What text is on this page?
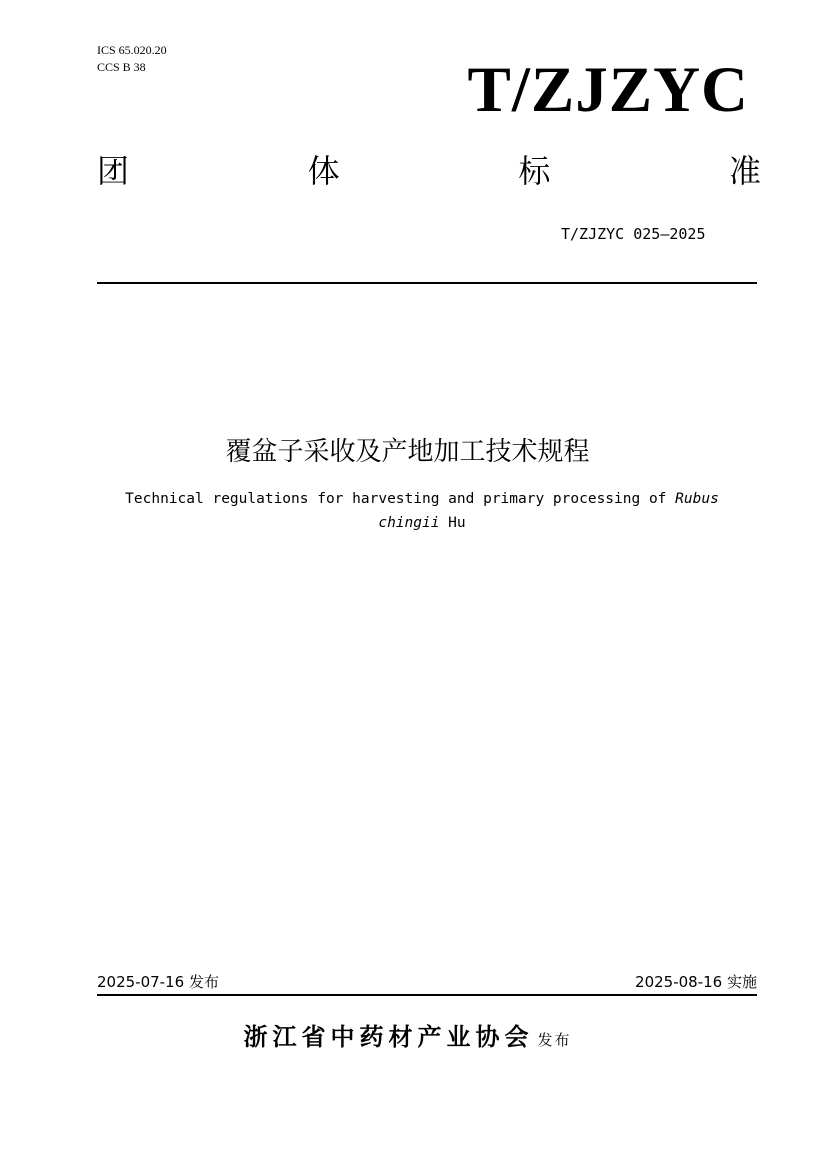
ICS 65.020.20
CCS B 38	T/ZJZYC
团	体	标	准
T/ZJZYC 025—2025
覆盆子采收及产地加工技术规程
Technical regulations for harvesting and primary processing of Rubus
chingii Hu
2025-07-16 发布	2025-08-16 实施
浙江省中药材产业协会 发布
